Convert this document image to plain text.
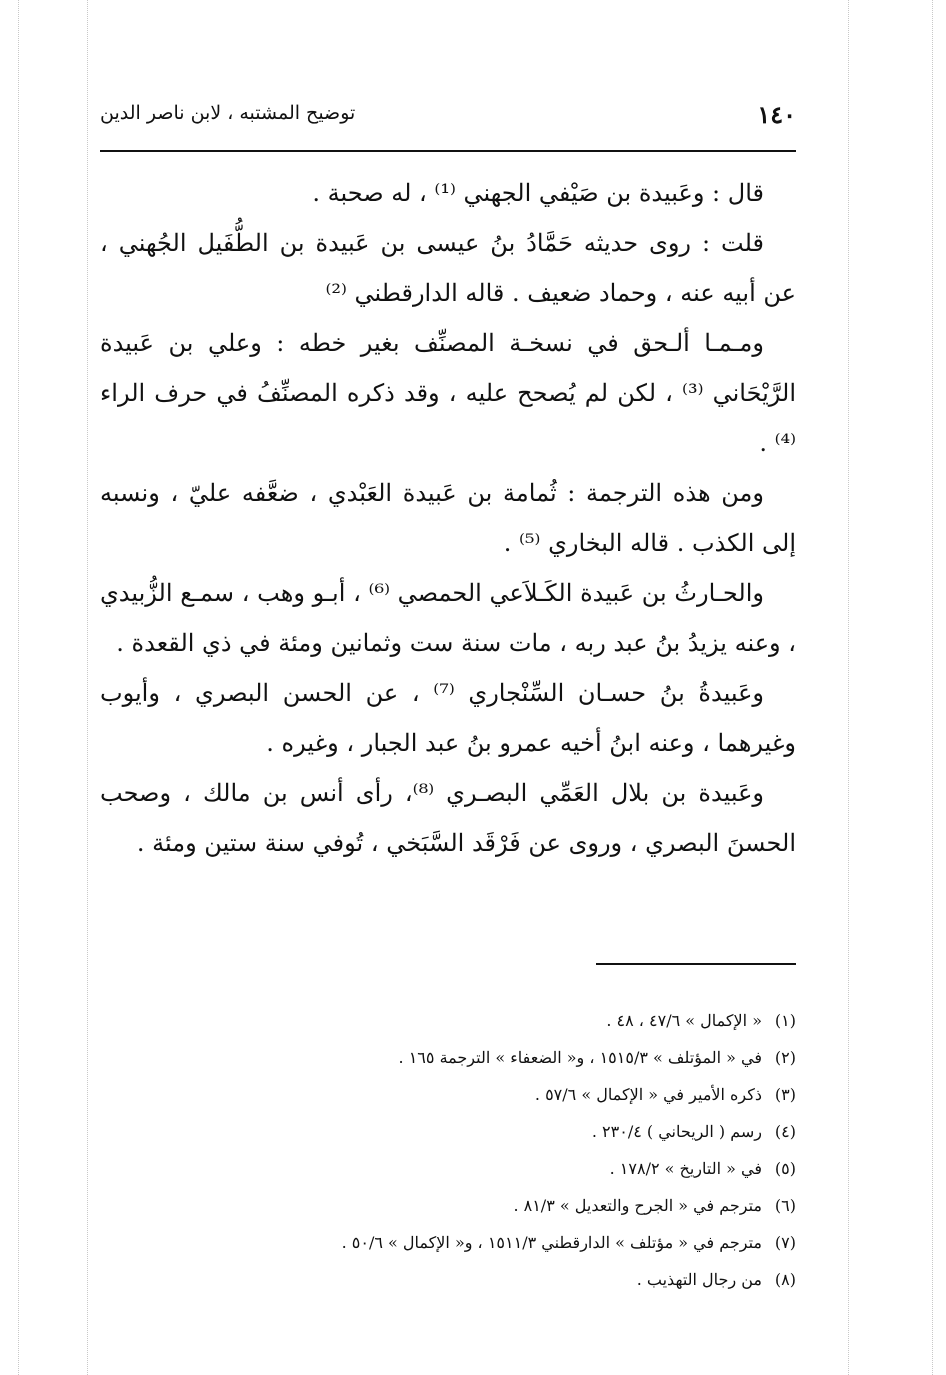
١٤٠
توضيح المشتبه ، لابن ناصر الدين

قال : وعَبيدة بن صَيْفي الجهني ⁽¹⁾ ، له صحبة .

قلت : روى حديثه حَمَّادُ بنُ عيسى بن عَبيدة بن الطُّفَيل الجُهني ، عن أبيه عنه ، وحماد ضعيف . قاله الدارقطني ⁽²⁾

ومـمـا ألـحق في نسخـة المصنِّف بغير خطه : وعلي بن عَبيدة الرَّيْحَاني ⁽³⁾ ، لكن لم يُصحح عليه ، وقد ذكره المصنِّفُ في حرف الراء ⁽⁴⁾ .

ومن هذه الترجمة : ثُمامة بن عَبيدة العَبْدي ، ضعَّفه عليّ ، ونسبه إلى الكذب . قاله البخاري ⁽⁵⁾ .

والحـارثُ بن عَبيدة الكَـلاَعي الحمصي ⁽⁶⁾ ، أبـو وهب ، سمـع الزُّبيدي ، وعنه يزيدُ بنُ عبد ربه ، مات سنة ست وثمانين ومئة في ذي القعدة .

وعَبيدةُ بنُ حسـان السِّنْجاري ⁽⁷⁾ ، عن الحسن البصري ، وأيوب وغيرهما ، وعنه ابنُ أخيه عمرو بنُ عبد الجبار ، وغيره .

وعَبيدة بن بلال العَمِّي البصـري ⁽⁸⁾، رأى أنس بن مالك ، وصحب الحسنَ البصري ، وروى عن فَرْقَد السَّبَخي ، تُوفي سنة ستين ومئة .

(١)« الإكمال » ٤٧/٦ ، ٤٨ .
(٢)في « المؤتلف » ١٥١٥/٣ ، و« الضعفاء » الترجمة ١٦٥ .
(٣)ذكره الأمير في « الإكمال » ٥٧/٦ .
(٤)رسم ( الريحاني ) ٢٣٠/٤ .
(٥)في « التاريخ » ١٧٨/٢ .
(٦)مترجم في « الجرح والتعديل » ٨١/٣ .
(٧)مترجم في « مؤتلف » الدارقطني ١٥١١/٣ ، و« الإكمال » ٥٠/٦ .
(٨)من رجال التهذيب .
